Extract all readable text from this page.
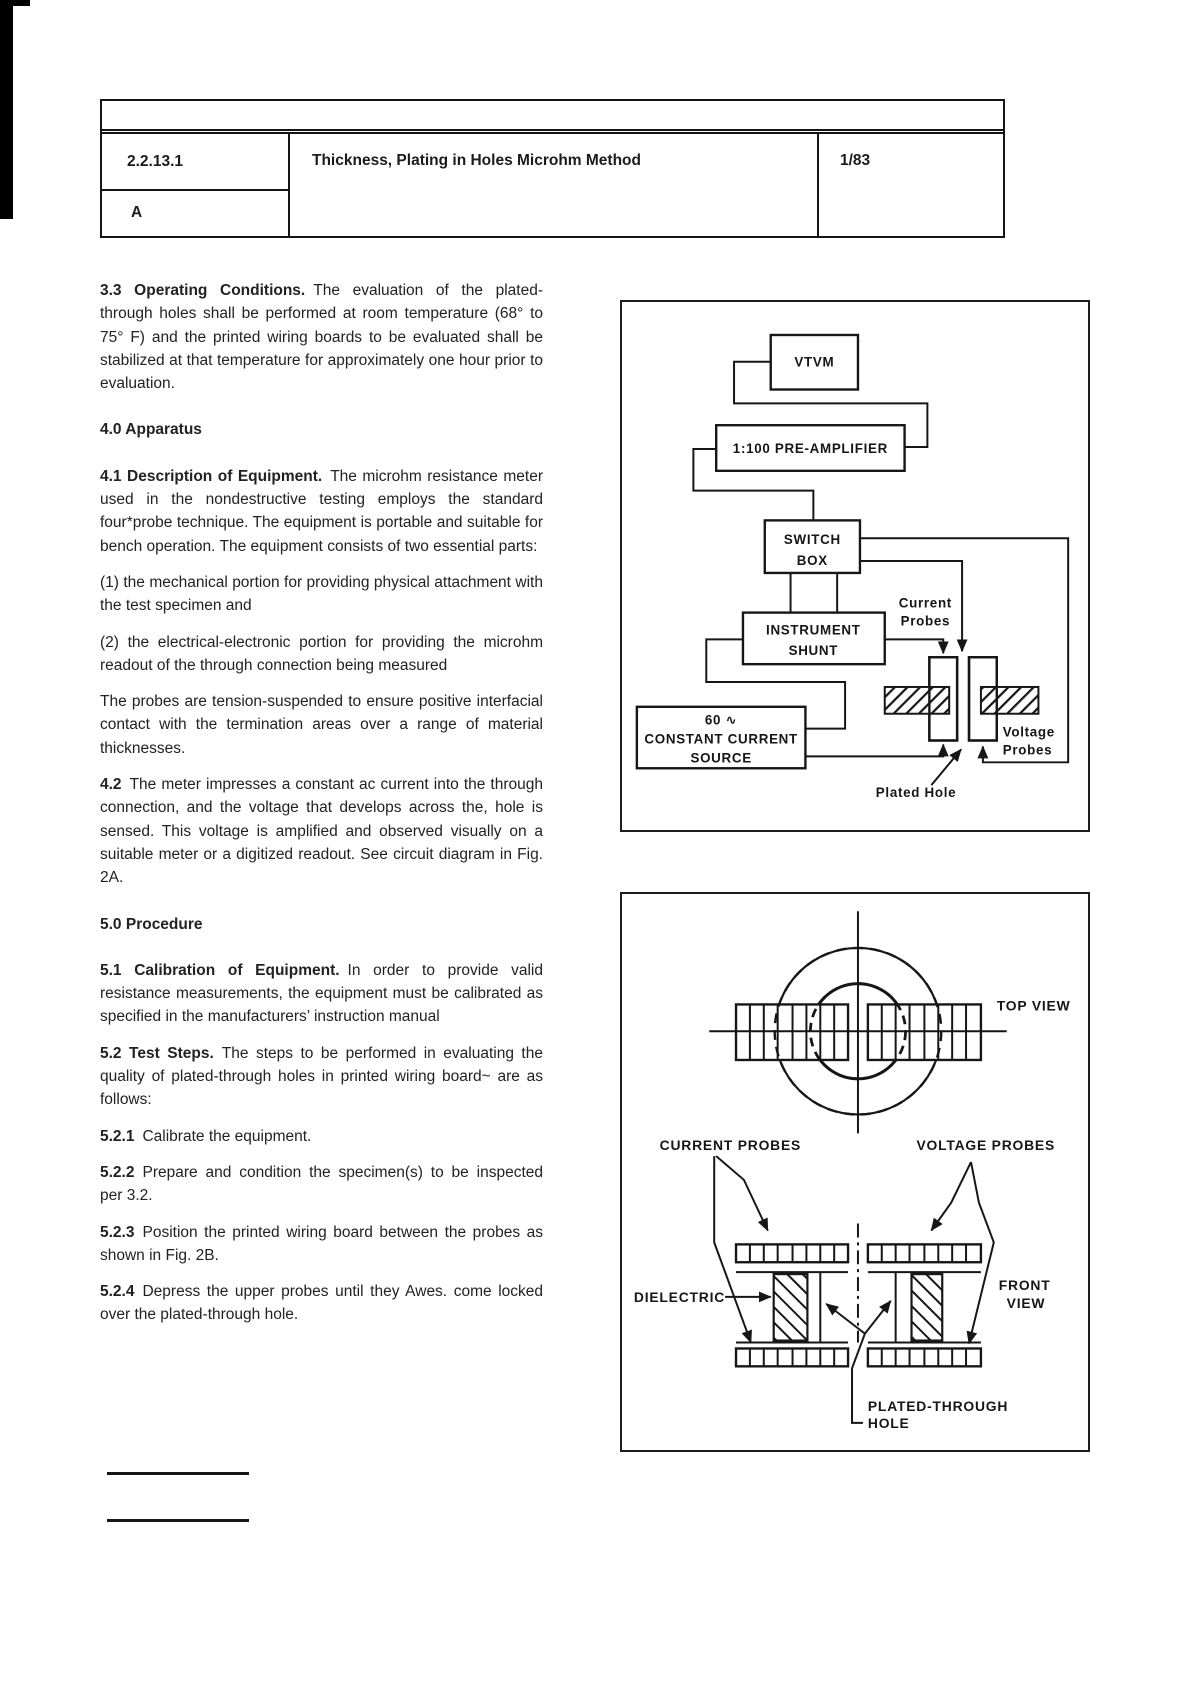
2.2.13.1
A
Thickness, Plating in Holes Microhm Method	1/83

3.3 Operating Conditions. The evaluation of the plated-through holes shall be performed at room temperature (68° to 75° F) and the printed wiring boards to be evaluated shall be stabilized at that temperature for approximately one hour prior to evaluation.

4.0 Apparatus

4.1 Description of Equipment. The microhm resistance meter used in the nondestructive testing employs the standard four*probe technique. The equipment is portable and suitable for bench operation. The equipment consists of two essential parts:

(1) the mechanical portion for providing physical attachment with the test specimen and

(2) the electrical-electronic portion for providing the microhm readout of the through connection being measured

The probes are tension-suspended to ensure positive interfacial contact with the termination areas over a range of material thicknesses.

4.2 The meter impresses a constant ac current into the through connection, and the voltage that develops across the, hole is sensed. This voltage is amplified and observed visually on a suitable meter or a digitized readout. See circuit diagram in Fig. 2A.

5.0 Procedure

5.1 Calibration of Equipment. In order to provide valid resistance measurements, the equipment must be calibrated as specified in the manufacturers’ instruction manual

5.2 Test Steps. The steps to be performed in evaluating the quality of plated-through holes in printed wiring board~ are as follows:

5.2.1 Calibrate the equipment.

5.2.2 Prepare and condition the specimen(s) to be inspected per 3.2.

5.2.3 Position the printed wiring board between the probes as shown in Fig. 2B.

5.2.4 Depress the upper probes until they Awes. come locked over the plated-through hole.

VTVM
1:100 PRE-AMPLIFIER
SWITCH
BOX
INSTRUMENT
SHUNT
60 ∿
CONSTANT CURRENT
SOURCE
Current
Probes
Voltage
Probes
Plated Hole
TOP VIEW
CURRENT PROBES	VOLTAGE PROBES
DIELECTRIC
FRONT
VIEW
PLATED-THROUGH
HOLE
